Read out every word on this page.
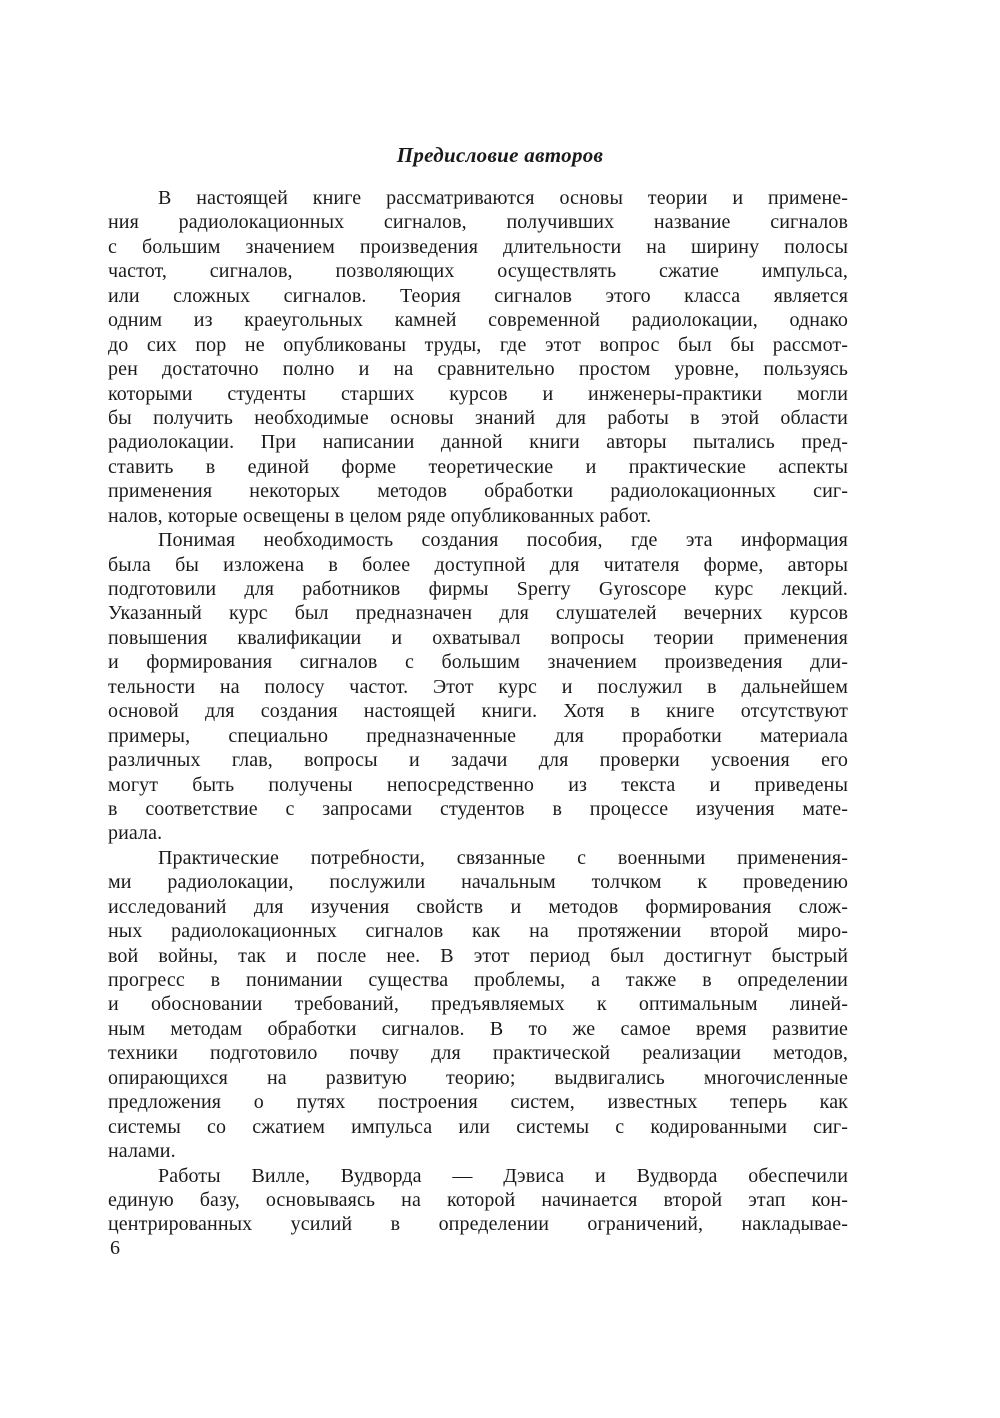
Предисловие авторов
В настоящей книге рассматриваются основы теории и примене-
ния радиолокационных сигналов, получивших название сигналов
с большим значением произведения длительности на ширину полосы
частот, сигналов, позволяющих осуществлять сжатие импульса,
или сложных сигналов. Теория сигналов этого класса является
одним из краеугольных камней современной радиолокации, однако
до сих пор не опубликованы труды, где этот вопрос был бы рассмот-
рен достаточно полно и на сравнительно простом уровне, пользуясь
которыми студенты старших курсов и инженеры-практики могли
бы получить необходимые основы знаний для работы в этой области
радиолокации. При написании данной книги авторы пытались пред-
ставить в единой форме теоретические и практические аспекты
применения некоторых методов обработки радиолокационных сиг-
налов, которые освещены в целом ряде опубликованных работ.
Понимая необходимость создания пособия, где эта информация
была бы изложена в более доступной для читателя форме, авторы
подготовили для работников фирмы Sperry Gyroscope курс лекций.
Указанный курс был предназначен для слушателей вечерних курсов
повышения квалификации и охватывал вопросы теории применения
и формирования сигналов с большим значением произведения дли-
тельности на полосу частот. Этот курс и послужил в дальнейшем
основой для создания настоящей книги. Хотя в книге отсутствуют
примеры, специально предназначенные для проработки материала
различных глав, вопросы и задачи для проверки усвоения его
могут быть получены непосредственно из текста и приведены
в соответствие с запросами студентов в процессе изучения мате-
риала.
Практические потребности, связанные с военными применения-
ми радиолокации, послужили начальным толчком к проведению
исследований для изучения свойств и методов формирования слож-
ных радиолокационных сигналов как на протяжении второй миро-
вой войны, так и после нее. В этот период был достигнут быстрый
прогресс в понимании существа проблемы, а также в определении
и обосновании требований, предъявляемых к оптимальным линей-
ным методам обработки сигналов. В то же самое время развитие
техники подготовило почву для практической реализации методов,
опирающихся на развитую теорию; выдвигались многочисленные
предложения о путях построения систем, известных теперь как
системы со сжатием импульса или системы с кодированными сиг-
налами.
Работы Вилле, Вудворда — Дэвиса и Вудворда обеспечили
единую базу, основываясь на которой начинается второй этап кон-
центрированных усилий в определении ограничений, накладывае-
6
